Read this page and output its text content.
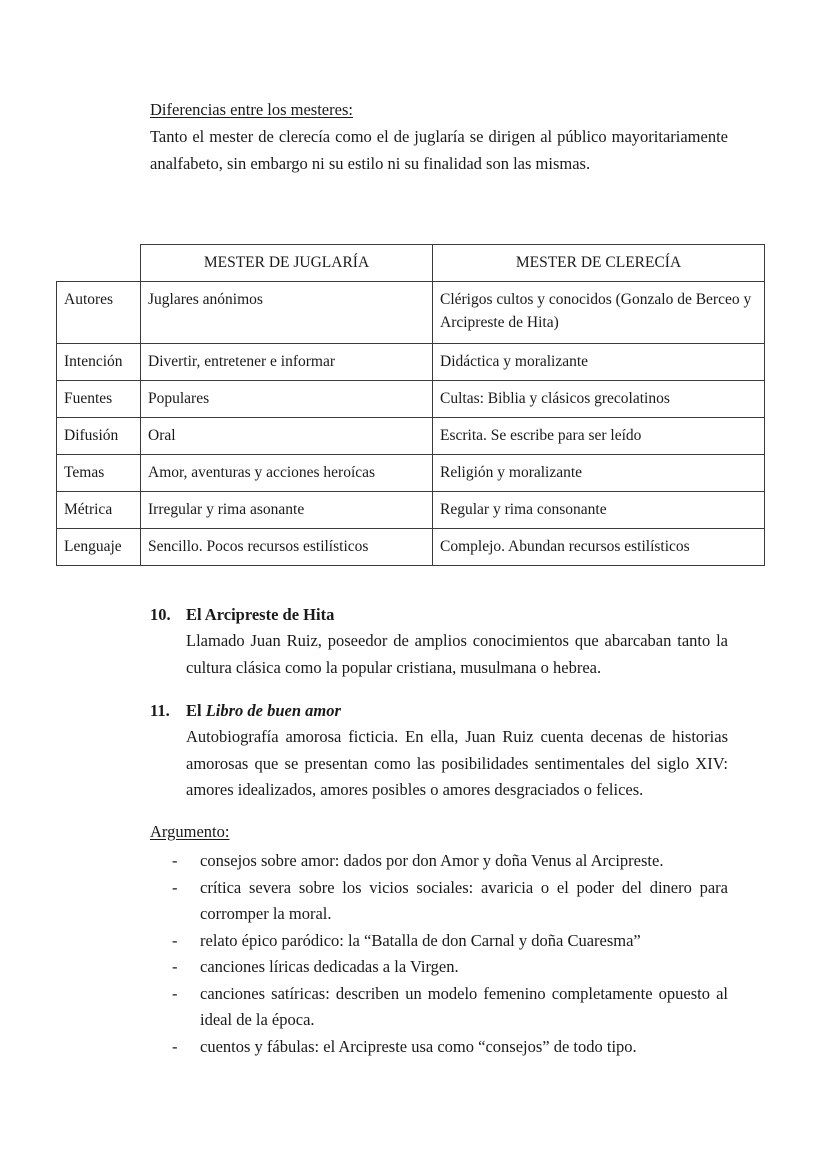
Diferencias entre los mesteres:
Tanto el mester de clerecía como el de juglaría se dirigen al público mayoritariamente analfabeto, sin embargo ni su estilo ni su finalidad son las mismas.
	MESTER DE JUGLARÍA	MESTER DE CLERECÍA
Autores	Juglares anónimos	Clérigos cultos y conocidos (Gonzalo de Berceo y Arcipreste de Hita)
Intención	Divertir, entretener e informar	Didáctica y moralizante
Fuentes	Populares	Cultas: Biblia y clásicos grecolatinos
Difusión	Oral	Escrita. Se escribe para ser leído
Temas	Amor, aventuras y acciones heroícas	Religión y moralizante
Métrica	Irregular y rima asonante	Regular y rima consonante
Lenguaje	Sencillo. Pocos recursos estilísticos	Complejo. Abundan recursos estilísticos
10. El Arcipreste de Hita
Llamado Juan Ruiz, poseedor de amplios conocimientos que abarcaban tanto la cultura clásica como la popular cristiana, musulmana o hebrea.
11. El Libro de buen amor
Autobiografía amorosa ficticia. En ella, Juan Ruiz cuenta decenas de historias amorosas que se presentan como las posibilidades sentimentales del siglo XIV: amores idealizados, amores posibles o amores desgraciados o felices.
Argumento:
- consejos sobre amor: dados por don Amor y doña Venus al Arcipreste.
- crítica severa sobre los vicios sociales: avaricia o el poder del dinero para corromper la moral.
- relato épico paródico: la “Batalla de don Carnal y doña Cuaresma”
- canciones líricas dedicadas a la Virgen.
- canciones satíricas: describen un modelo femenino completamente opuesto al ideal de la época.
- cuentos y fábulas: el Arcipreste usa como “consejos” de todo tipo.
